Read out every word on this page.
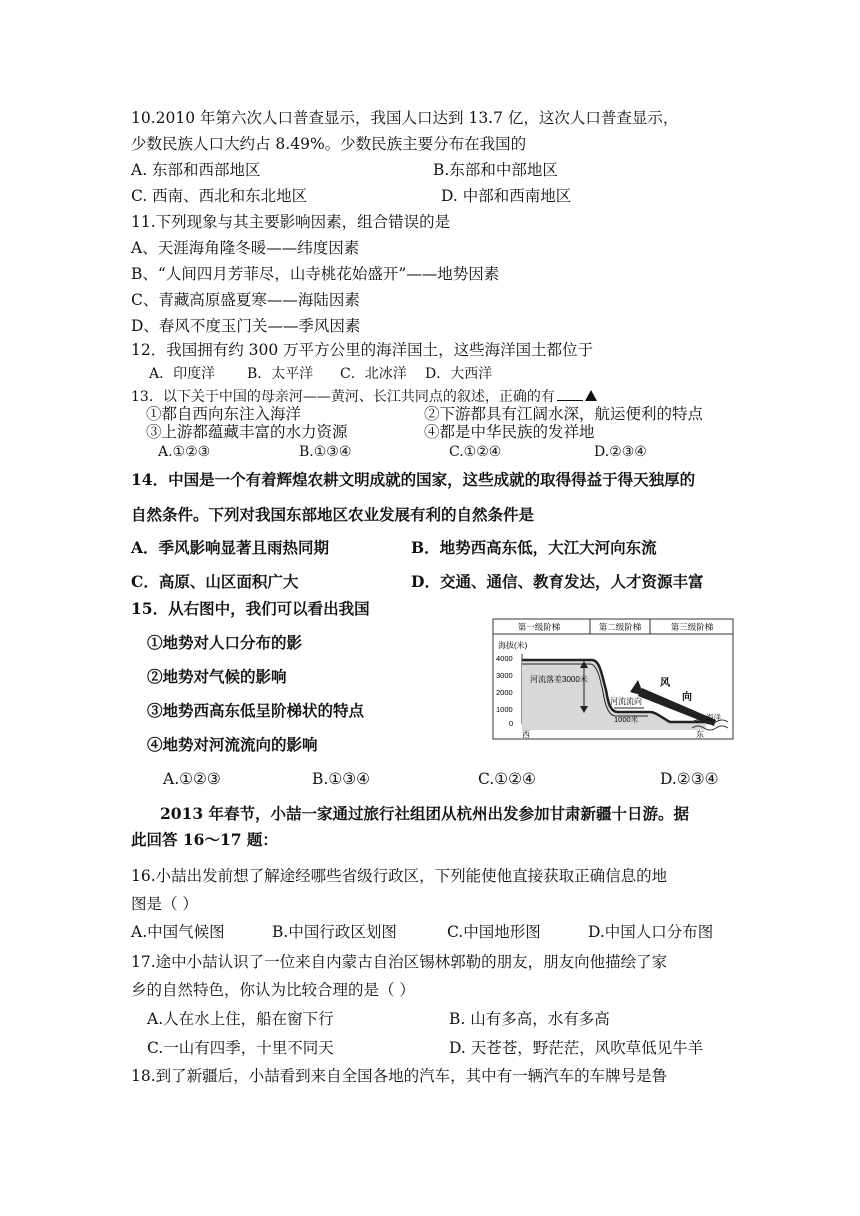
10.2010 年第六次人口普查显示，我国人口达到 13.7 亿，这次人口普查显示，
少数民族人口大约占 8.49%。少数民族主要分布在我国的
A. 东部和西部地区	B.东部和中部地区
C. 西南、西北和东北地区	D. 中部和西南地区
11.下列现象与其主要影响因素，组合错误的是
A、天涯海角隆冬暖——纬度因素
B、“人间四月芳菲尽，山寺桃花始盛开”——地势因素
C、青藏高原盛夏寒——海陆因素
D、春风不度玉门关——季风因素
12．我国拥有约 300 万平方公里的海洋国土，这些海洋国土都位于
A．印度洋 B．太平洋 C．北冰洋 D．大西洋
13．以下关于中国的母亲河——黄河、长江共同点的叙述，正确的有
①都自西向东注入海洋	②下游都具有江阔水深，航运便利的特点
③上游都蕴藏丰富的水力资源	④都是中华民族的发祥地
A.①②③	B.①③④	C.①②④	D.②③④
14．中国是一个有着辉煌农耕文明成就的国家，这些成就的取得得益于得天独厚的
自然条件。下列对我国东部地区农业发展有利的自然条件是
A．季风影响显著且雨热同期	B．地势西高东低，大江大河向东流
C．高原、山区面积广大	D．交通、通信、教育发达，人才资源丰富
15．从右图中，我们可以看出我国
①地势对人口分布的影
②地势对气候的影响
③地势西高东低呈阶梯状的特点
④地势对河流流向的影响
A.①②③	B.①③④	C.①②④	D.②③④
第一级阶梯	第二级阶梯	第三级阶梯
海拔(米)
4000
3000
2000
1000
0
河流落差 3000米
河流流向
1000米
风
向
海洋
西	东
2013 年春节，小喆一家通过旅行社组团从杭州出发参加甘肃新疆十日游。据
此回答 16～17 题：
16.小喆出发前想了解途经哪些省级行政区，下列能使他直接获取正确信息的地
图是（ ）
A.中国气候图	B.中国行政区划图	C.中国地形图	D.中国人口分布图
17.途中小喆认识了一位来自内蒙古自治区锡林郭勒的朋友，朋友向他描绘了家
乡的自然特色，你认为比较合理的是（ ）
A.人在水上住，船在窗下行	B. 山有多高，水有多高
C.一山有四季，十里不同天	D. 天苍苍，野茫茫，风吹草低见牛羊
18.到了新疆后，小喆看到来自全国各地的汽车，其中有一辆汽车的车牌号是鲁
